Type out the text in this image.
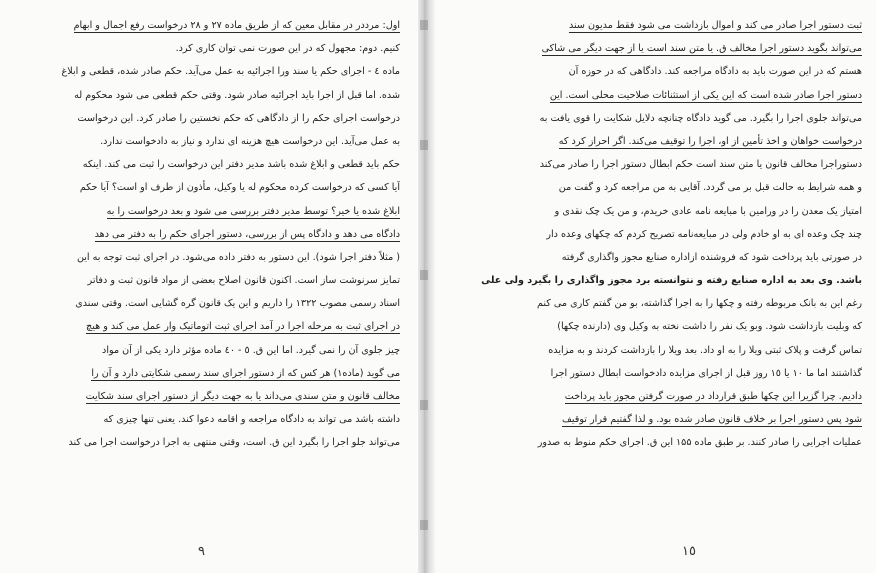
اول: مرددر در مقابل معین که از طریق ماده ۲۷ و ۲۸ درخواست رفع اجمال و ابهام
کنیم. دوم: مجهول که در این صورت نمی توان کاری کرد.
ماده ٤ - اجرای حکم یا سند ورا اجرائیه به عمل می‌آید. حکم صادر شده، قطعی و ابلاغ
شده. اما قبل از اجرا باید اجرائیه صادر شود. وقتی حکم قطعی می شود محکوم له
درخواست اجرای حکم را از دادگاهی که حکم نخستین را صادر کرد. این درخواست
به عمل می‌آید. این درخواست هیچ هزینه ای ندارد و نیاز به دادخواست ندارد.
حکم باید قطعی و ابلاغ شده باشد مدیر دفتر این درخواست را ثبت می کند. اینکه
آیا کسی که درخواست کرده محکوم له یا وکیل، مأذون از طرف او است؟ آیا حکم
ابلاغ شده یا خیر؟ توسط مدیر دفتر بررسی می شود و بعد درخواست را به
دادگاه می دهد و دادگاه پس از بررسی، دستور اجرای حکم را به دفتر می دهد
( مثلاً دفتر اجرا شود). این دستور به دفتر داده می‌شود. در اجرای ثبت توجه به این
تمایز سرنوشت ساز است. اکنون قانون اصلاح بعضی از مواد قانون ثبت و دفاتر
اسناد رسمی مصوب ۱۳۲۲ را داریم و این یک قانون گره گشایی است. وقتی سندی
در اجرای ثبت به مرحله اجرا در آمد اجرای ثبت اتوماتیک وار عمل می کند و هیچ
چیز جلوی آن را نمی گیرد. اما این ق. ٥ - ٤٠ ماده مؤثر دارد یکی از آن مواد
می گوید (ماده۱) هر کس که از دستور اجرای سند رسمی شکایتی دارد و آن را
مخالف قانون و متن سندی می‌داند یا به جهت دیگر از دستور اجرای سند شکایت
داشته باشد می تواند به دادگاه مراجعه و اقامه دعوا کند. یعنی تنها چیزی که
می‌تواند جلو اجرا را بگیرد این ق. است، وقتی منتهی به اجرا درخواست اجرا می کند
۹
ثبت دستور اجرا صادر می کند و اموال بازداشت می شود فقط مدیون سند
می‌تواند بگوید دستور اجرا مخالف ق. یا متن سند است یا از جهت دیگر می شاکی
هستم که در این صورت باید به دادگاه مراجعه کند. دادگاهی که در حوزه آن
دستور اجرا صادر شده است که این یکی از استثنائات صلاحیت محلی است. این
می‌تواند جلوی اجرا را بگیرد. می گوید دادگاه چنانچه دلایل شکایت را قوی یافت به
درخواست خواهان و اخذ تأمین از او، اجرا را توقیف می‌کند. اگر احراز کرد که
دستوراجرا مخالف قانون یا متن سند است حکم ابطال دستور اجرا را صادر می‌کند
و همه شرایط به حالت قبل بر می گردد. آقایی به من مراجعه کرد و گفت من
امتیاز یک معدن را در ورامین با مبایعه نامه عادی خریدم، و من یک چک نقدی و
چند چک وعده ای به او خادم ولی در مبایعه‌نامه تصریح کردم که چکهای وعده دار
در صورتی باید پرداخت شود که فروشنده ازاداره صنایع مجوز واگذاری گرفته
باشد. وی بعد به اداره صنایع رفته و نتوانسته برد مجوز واگذاری را بگیرد ولی علی
رغم این به بانک مربوطه رفته و چکها را به اجرا گذاشته، بو من گفتم کاری می کنم
که وبلیت بازداشت شود. وبو یک نفر را داشت نخته به وکیل وی (دارنده چکها)
تماس گرفت و پلاک ثبتی ویلا را به او داد. بعد ویلا را بازداشت کردند و به مزایده
گذاشتند اما ما ۱۰ یا ۱٥ روز قبل از اجرای مزایده دادخواست ابطال دستور اجرا
دادیم. چرا گزیرا این چکها طبق قرارداد در صورت گرفتن مجوز باید پرداخت
شود پس دستور اجرا بر خلاف قانون صادر شده بود. و لذا گفتیم قرار توقیف
عملیات اجرایی را صادر کنند. بر طبق ماده ۱۵۵ این ق. اجرای حکم منوط به صدور
۱٥
